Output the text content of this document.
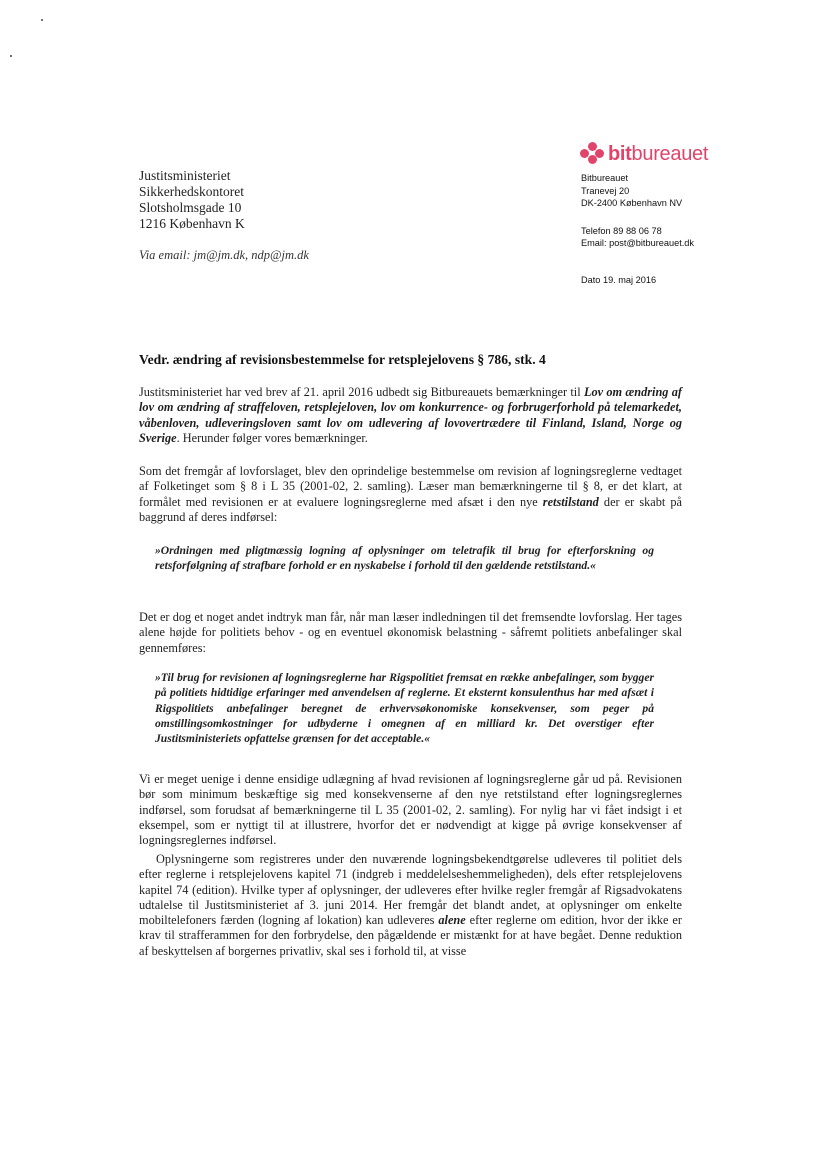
Justitsministeriet
Sikkerhedskontoret
Slotsholmsgade 10
1216 København K
Via email: jm@jm.dk, ndp@jm.dk
bitbureauet
Bitbureauet
Tranevej 20
DK-2400 København NV
Telefon 89 88 06 78
Email: post@bitbureauet.dk
Dato 19. maj 2016
Vedr. ændring af revisionsbestemmelse for retsplejelovens § 786, stk. 4

Justitsministeriet har ved brev af 21. april 2016 udbedt sig Bitbureauets bemærkninger til Lov om ændring af lov om ændring af straffeloven, retsplejeloven, lov om konkurrence- og forbrugerforhold på telemarkedet, våbenloven, udleveringsloven samt lov om udlevering af lovovertrædere til Finland, Island, Norge og Sverige. Herunder følger vores bemærkninger.

Som det fremgår af lovforslaget, blev den oprindelige bestemmelse om revision af logningsreglerne vedtaget af Folketinget som § 8 i L 35 (2001-02, 2. samling). Læser man bemærkningerne til § 8, er det klart, at formålet med revisionen er at evaluere logningsreglerne med afsæt i den nye retstilstand der er skabt på baggrund af deres indførsel:

»Ordningen med pligtmæssig logning af oplysninger om teletrafik til brug for efterforskning og retsforfølgning af strafbare forhold er en nyskabelse i forhold til den gældende retstilstand.«

Det er dog et noget andet indtryk man får, når man læser indledningen til det fremsendte lovforslag. Her tages alene højde for politiets behov - og en eventuel økonomisk belastning - såfremt politiets anbefalinger skal gennemføres:

»Til brug for revisionen af logningsreglerne har Rigspolitiet fremsat en række anbefalinger, som bygger på politiets hidtidige erfaringer med anvendelsen af reglerne. Et eksternt konsulenthus har med afsæt i Rigspolitiets anbefalinger beregnet de erhvervsøkonomiske konsekvenser, som peger på omstillingsomkostninger for udbyderne i omegnen af en milliard kr. Det overstiger efter Justitsministeriets opfattelse grænsen for det acceptable.«

Vi er meget uenige i denne ensidige udlægning af hvad revisionen af logningsreglerne går ud på. Revisionen bør som minimum beskæftige sig med konsekvenserne af den nye retstilstand efter logningsreglernes indførsel, som forudsat af bemærkningerne til L 35 (2001-02, 2. samling). For nylig har vi fået indsigt i et eksempel, som er nyttigt til at illustrere, hvorfor det er nødvendigt at kigge på øvrige konsekvenser af logningsreglernes indførsel.

Oplysningerne som registreres under den nuværende logningsbekendtgørelse udleveres til politiet dels efter reglerne i retsplejelovens kapitel 71 (indgreb i meddelelseshemmeligheden), dels efter retsplejelovens kapitel 74 (edition). Hvilke typer af oplysninger, der udleveres efter hvilke regler fremgår af Rigsadvokatens udtalelse til Justitsministeriet af 3. juni 2014. Her fremgår det blandt andet, at oplysninger om enkelte mobiltelefoners færden (logning af lokation) kan udleveres alene efter reglerne om edition, hvor der ikke er krav til strafferammen for den forbrydelse, den pågældende er mistænkt for at have begået. Denne reduktion af beskyttelsen af borgernes privatliv, skal ses i forhold til, at visse
